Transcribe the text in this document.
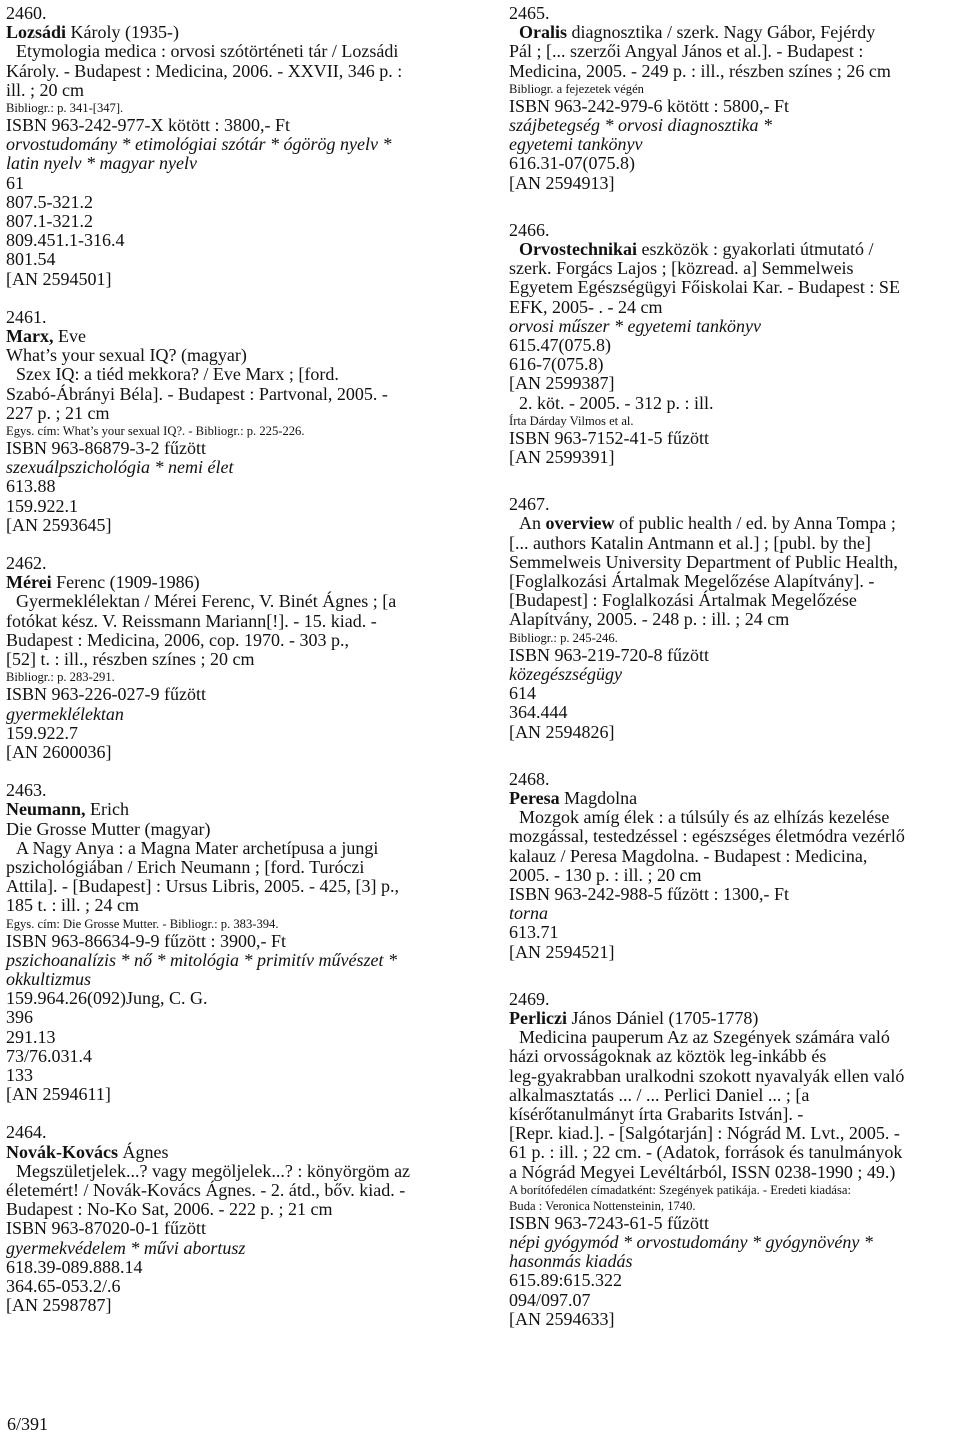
2460.
Lozsádi Károly (1935-)
Etymologia medica : orvosi szótörténeti tár / Lozsádi
Károly. - Budapest : Medicina, 2006. - XXVII, 346 p. :
ill. ; 20 cm
Bibliogr.: p. 341-[347].
ISBN 963-242-977-X kötött : 3800,- Ft
orvostudomány * etimológiai szótár * ógörög nyelv *
latin nyelv * magyar nyelv
61
807.5-321.2
807.1-321.2
809.451.1-316.4
801.54
[AN 2594501]
2461.
Marx, Eve
What’s your sexual IQ? (magyar)
Szex IQ: a tiéd mekkora? / Eve Marx ; [ford.
Szabó-Ábrányi Béla]. - Budapest : Partvonal, 2005. -
227 p. ; 21 cm
Egys. cím: What’s your sexual IQ?. - Bibliogr.: p. 225-226.
ISBN 963-86879-3-2 fűzött
szexuálpszichológia * nemi élet
613.88
159.922.1
[AN 2593645]
2462.
Mérei Ferenc (1909-1986)
Gyermeklélektan / Mérei Ferenc, V. Binét Ágnes ; [a
fotókat kész. V. Reissmann Mariann[!]. - 15. kiad. -
Budapest : Medicina, 2006, cop. 1970. - 303 p.,
[52] t. : ill., részben színes ; 20 cm
Bibliogr.: p. 283-291.
ISBN 963-226-027-9 fűzött
gyermeklélektan
159.922.7
[AN 2600036]
2463.
Neumann, Erich
Die Grosse Mutter (magyar)
A Nagy Anya : a Magna Mater archetípusa a jungi
pszichológiában / Erich Neumann ; [ford. Turóczi
Attila]. - [Budapest] : Ursus Libris, 2005. - 425, [3] p.,
185 t. : ill. ; 24 cm
Egys. cím: Die Grosse Mutter. - Bibliogr.: p. 383-394.
ISBN 963-86634-9-9 fűzött : 3900,- Ft
pszichoanalízis * nő * mitológia * primitív művészet *
okkultizmus
159.964.26(092)Jung, C. G.
396
291.13
73/76.031.4
133
[AN 2594611]
2464.
Novák-Kovács Ágnes
Megszületjelek...? vagy megöljelek...? : könyörgöm az
életemért! / Novák-Kovács Ágnes. - 2. átd., bőv. kiad. -
Budapest : No-Ko Sat, 2006. - 222 p. ; 21 cm
ISBN 963-87020-0-1 fűzött
gyermekvédelem * művi abortusz
618.39-089.888.14
364.65-053.2/.6
[AN 2598787]
2465.
Oralis diagnosztika / szerk. Nagy Gábor, Fejérdy
Pál ; [... szerzői Angyal János et al.]. - Budapest :
Medicina, 2005. - 249 p. : ill., részben színes ; 26 cm
Bibliogr. a fejezetek végén
ISBN 963-242-979-6 kötött : 5800,- Ft
szájbetegség * orvosi diagnosztika *
egyetemi tankönyv
616.31-07(075.8)
[AN 2594913]
2466.
Orvostechnikai eszközök : gyakorlati útmutató /
szerk. Forgács Lajos ; [közread. a] Semmelweis
Egyetem Egészségügyi Főiskolai Kar. - Budapest : SE
EFK, 2005- . - 24 cm
orvosi műszer * egyetemi tankönyv
615.47(075.8)
616-7(075.8)
[AN 2599387]
2. köt. - 2005. - 312 p. : ill.
Írta Dárday Vilmos et al.
ISBN 963-7152-41-5 fűzött
[AN 2599391]
2467.
An overview of public health / ed. by Anna Tompa ;
[... authors Katalin Antmann et al.] ; [publ. by the]
Semmelweis University Department of Public Health,
[Foglalkozási Ártalmak Megelőzése Alapítvány]. -
[Budapest] : Foglalkozási Ártalmak Megelőzése
Alapítvány, 2005. - 248 p. : ill. ; 24 cm
Bibliogr.: p. 245-246.
ISBN 963-219-720-8 fűzött
közegészségügy
614
364.444
[AN 2594826]
2468.
Peresa Magdolna
Mozgok amíg élek : a túlsúly és az elhízás kezelése
mozgással, testedzéssel : egészséges életmódra vezérlő
kalauz / Peresa Magdolna. - Budapest : Medicina,
2005. - 130 p. : ill. ; 20 cm
ISBN 963-242-988-5 fűzött : 1300,- Ft
torna
613.71
[AN 2594521]
2469.
Perliczi János Dániel (1705-1778)
Medicina pauperum Az az Szegények számára való
házi orvosságoknak az köztök leg-inkább és
leg-gyakrabban uralkodni szokott nyavalyák ellen való
alkalmasztatás ... / ... Perlici Daniel ... ; [a
kísérőtanulmányt írta Grabarits István]. -
[Repr. kiad.]. - [Salgótarján] : Nógrád M. Lvt., 2005. -
61 p. : ill. ; 22 cm. - (Adatok, források és tanulmányok
a Nógrád Megyei Levéltárból, ISSN 0238-1990 ; 49.)
A borítófedélen címadatként: Szegények patikája. - Eredeti kiadása:
Buda : Veronica Nottensteinin, 1740.
ISBN 963-7243-61-5 fűzött
népi gyógymód * orvostudomány * gyógynövény *
hasonmás kiadás
615.89:615.322
094/097.07
[AN 2594633]
6/391
